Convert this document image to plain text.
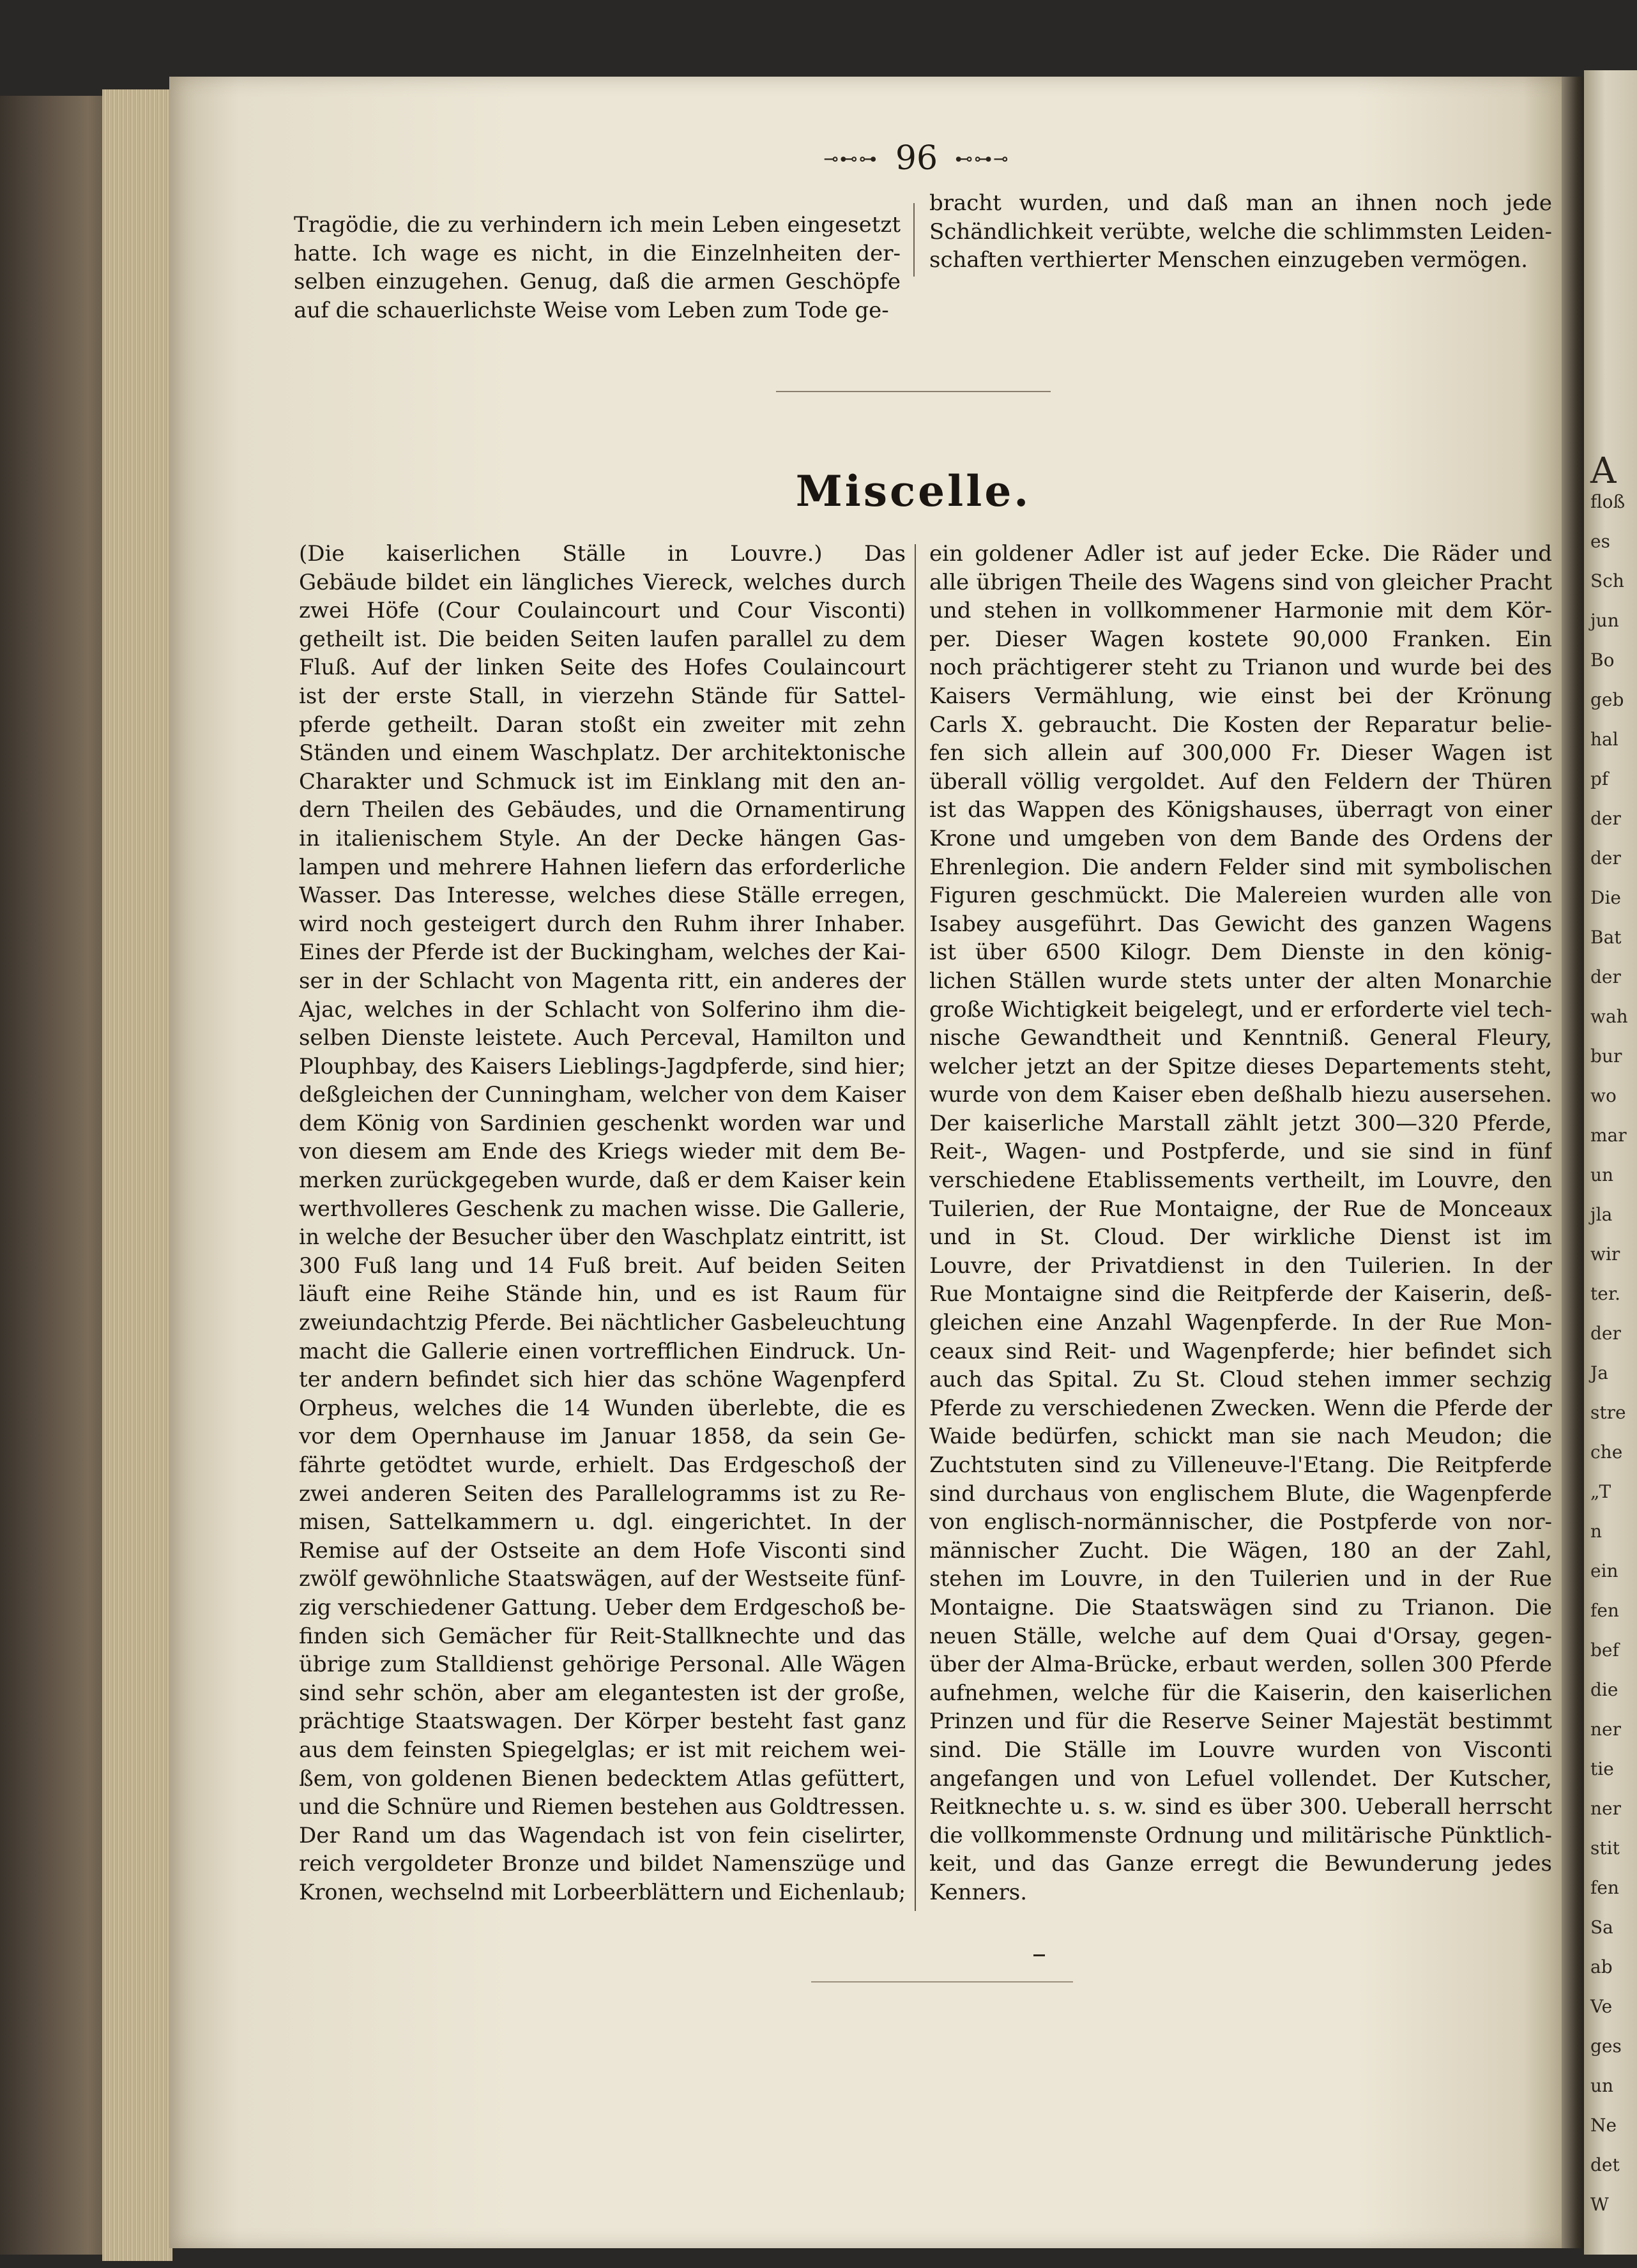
A
floß
es
Sch
jun
Bo
geb
hal
pf
der
der
Die
Bat
der
wah
bur
wo
mar
un
jla
wir
ter.
der
Ja
stre
che
„T
n
ein
fen
bef
die
ner
tie
ner
stit
fen
Sa
ab
Ve
ges
un
Ne
det
W
⊸⊷⊶ 96 ⊷⊶⊸
Tragödie, die zu verhindern ich mein Leben eingesetzt
hatte. Ich wage es nicht, in die Einzelnheiten der-
selben einzugehen. Genug, daß die armen Geschöpfe
auf die schauerlichste Weise vom Leben zum Tode ge-
bracht wurden, und daß man an ihnen noch jede
Schändlichkeit verübte, welche die schlimmsten Leiden-
schaften verthierter Menschen einzugeben vermögen.
Miscelle.
(Die kaiserlichen Ställe in Louvre.) Das
Gebäude bildet ein längliches Viereck, welches durch
zwei Höfe (Cour Coulaincourt und Cour Visconti)
getheilt ist. Die beiden Seiten laufen parallel zu dem
Fluß. Auf der linken Seite des Hofes Coulaincourt
ist der erste Stall, in vierzehn Stände für Sattel-
pferde getheilt. Daran stoßt ein zweiter mit zehn
Ständen und einem Waschplatz. Der architektonische
Charakter und Schmuck ist im Einklang mit den an-
dern Theilen des Gebäudes, und die Ornamentirung
in italienischem Style. An der Decke hängen Gas-
lampen und mehrere Hahnen liefern das erforderliche
Wasser. Das Interesse, welches diese Ställe erregen,
wird noch gesteigert durch den Ruhm ihrer Inhaber.
Eines der Pferde ist der Buckingham, welches der Kai-
ser in der Schlacht von Magenta ritt, ein anderes der
Ajac, welches in der Schlacht von Solferino ihm die-
selben Dienste leistete. Auch Perceval, Hamilton und
Plouphbay, des Kaisers Lieblings-Jagdpferde, sind hier;
deßgleichen der Cunningham, welcher von dem Kaiser
dem König von Sardinien geschenkt worden war und
von diesem am Ende des Kriegs wieder mit dem Be-
merken zurückgegeben wurde, daß er dem Kaiser kein
werthvolleres Geschenk zu machen wisse. Die Gallerie,
in welche der Besucher über den Waschplatz eintritt, ist
300 Fuß lang und 14 Fuß breit. Auf beiden Seiten
läuft eine Reihe Stände hin, und es ist Raum für
zweiundachtzig Pferde. Bei nächtlicher Gasbeleuchtung
macht die Gallerie einen vortrefflichen Eindruck. Un-
ter andern befindet sich hier das schöne Wagenpferd
Orpheus, welches die 14 Wunden überlebte, die es
vor dem Opernhause im Januar 1858, da sein Ge-
fährte getödtet wurde, erhielt. Das Erdgeschoß der
zwei anderen Seiten des Parallelogramms ist zu Re-
misen, Sattelkammern u. dgl. eingerichtet. In der
Remise auf der Ostseite an dem Hofe Visconti sind
zwölf gewöhnliche Staatswägen, auf der Westseite fünf-
zig verschiedener Gattung. Ueber dem Erdgeschoß be-
finden sich Gemächer für Reit-Stallknechte und das
übrige zum Stalldienst gehörige Personal. Alle Wägen
sind sehr schön, aber am elegantesten ist der große,
prächtige Staatswagen. Der Körper besteht fast ganz
aus dem feinsten Spiegelglas; er ist mit reichem wei-
ßem, von goldenen Bienen bedecktem Atlas gefüttert,
und die Schnüre und Riemen bestehen aus Goldtressen.
Der Rand um das Wagendach ist von fein ciselirter,
reich vergoldeter Bronze und bildet Namenszüge und
Kronen, wechselnd mit Lorbeerblättern und Eichenlaub;
ein goldener Adler ist auf jeder Ecke. Die Räder und
alle übrigen Theile des Wagens sind von gleicher Pracht
und stehen in vollkommener Harmonie mit dem Kör-
per. Dieser Wagen kostete 90,000 Franken. Ein
noch prächtigerer steht zu Trianon und wurde bei des
Kaisers Vermählung, wie einst bei der Krönung
Carls X. gebraucht. Die Kosten der Reparatur belie-
fen sich allein auf 300,000 Fr. Dieser Wagen ist
überall völlig vergoldet. Auf den Feldern der Thüren
ist das Wappen des Königshauses, überragt von einer
Krone und umgeben von dem Bande des Ordens der
Ehrenlegion. Die andern Felder sind mit symbolischen
Figuren geschmückt. Die Malereien wurden alle von
Isabey ausgeführt. Das Gewicht des ganzen Wagens
ist über 6500 Kilogr. Dem Dienste in den könig-
lichen Ställen wurde stets unter der alten Monarchie
große Wichtigkeit beigelegt, und er erforderte viel tech-
nische Gewandtheit und Kenntniß. General Fleury,
welcher jetzt an der Spitze dieses Departements steht,
wurde von dem Kaiser eben deßhalb hiezu ausersehen.
Der kaiserliche Marstall zählt jetzt 300—320 Pferde,
Reit-, Wagen- und Postpferde, und sie sind in fünf
verschiedene Etablissements vertheilt, im Louvre, den
Tuilerien, der Rue Montaigne, der Rue de Monceaux
und in St. Cloud. Der wirkliche Dienst ist im
Louvre, der Privatdienst in den Tuilerien. In der
Rue Montaigne sind die Reitpferde der Kaiserin, deß-
gleichen eine Anzahl Wagenpferde. In der Rue Mon-
ceaux sind Reit- und Wagenpferde; hier befindet sich
auch das Spital. Zu St. Cloud stehen immer sechzig
Pferde zu verschiedenen Zwecken. Wenn die Pferde der
Waide bedürfen, schickt man sie nach Meudon; die
Zuchtstuten sind zu Villeneuve-l'Etang. Die Reitpferde
sind durchaus von englischem Blute, die Wagenpferde
von englisch-normännischer, die Postpferde von nor-
männischer Zucht. Die Wägen, 180 an der Zahl,
stehen im Louvre, in den Tuilerien und in der Rue
Montaigne. Die Staatswägen sind zu Trianon. Die
neuen Ställe, welche auf dem Quai d'Orsay, gegen-
über der Alma-Brücke, erbaut werden, sollen 300 Pferde
aufnehmen, welche für die Kaiserin, den kaiserlichen
Prinzen und für die Reserve Seiner Majestät bestimmt
sind. Die Ställe im Louvre wurden von Visconti
angefangen und von Lefuel vollendet. Der Kutscher,
Reitknechte u. s. w. sind es über 300. Ueberall herrscht
die vollkommenste Ordnung und militärische Pünktlich-
keit, und das Ganze erregt die Bewunderung jedes
Kenners.
